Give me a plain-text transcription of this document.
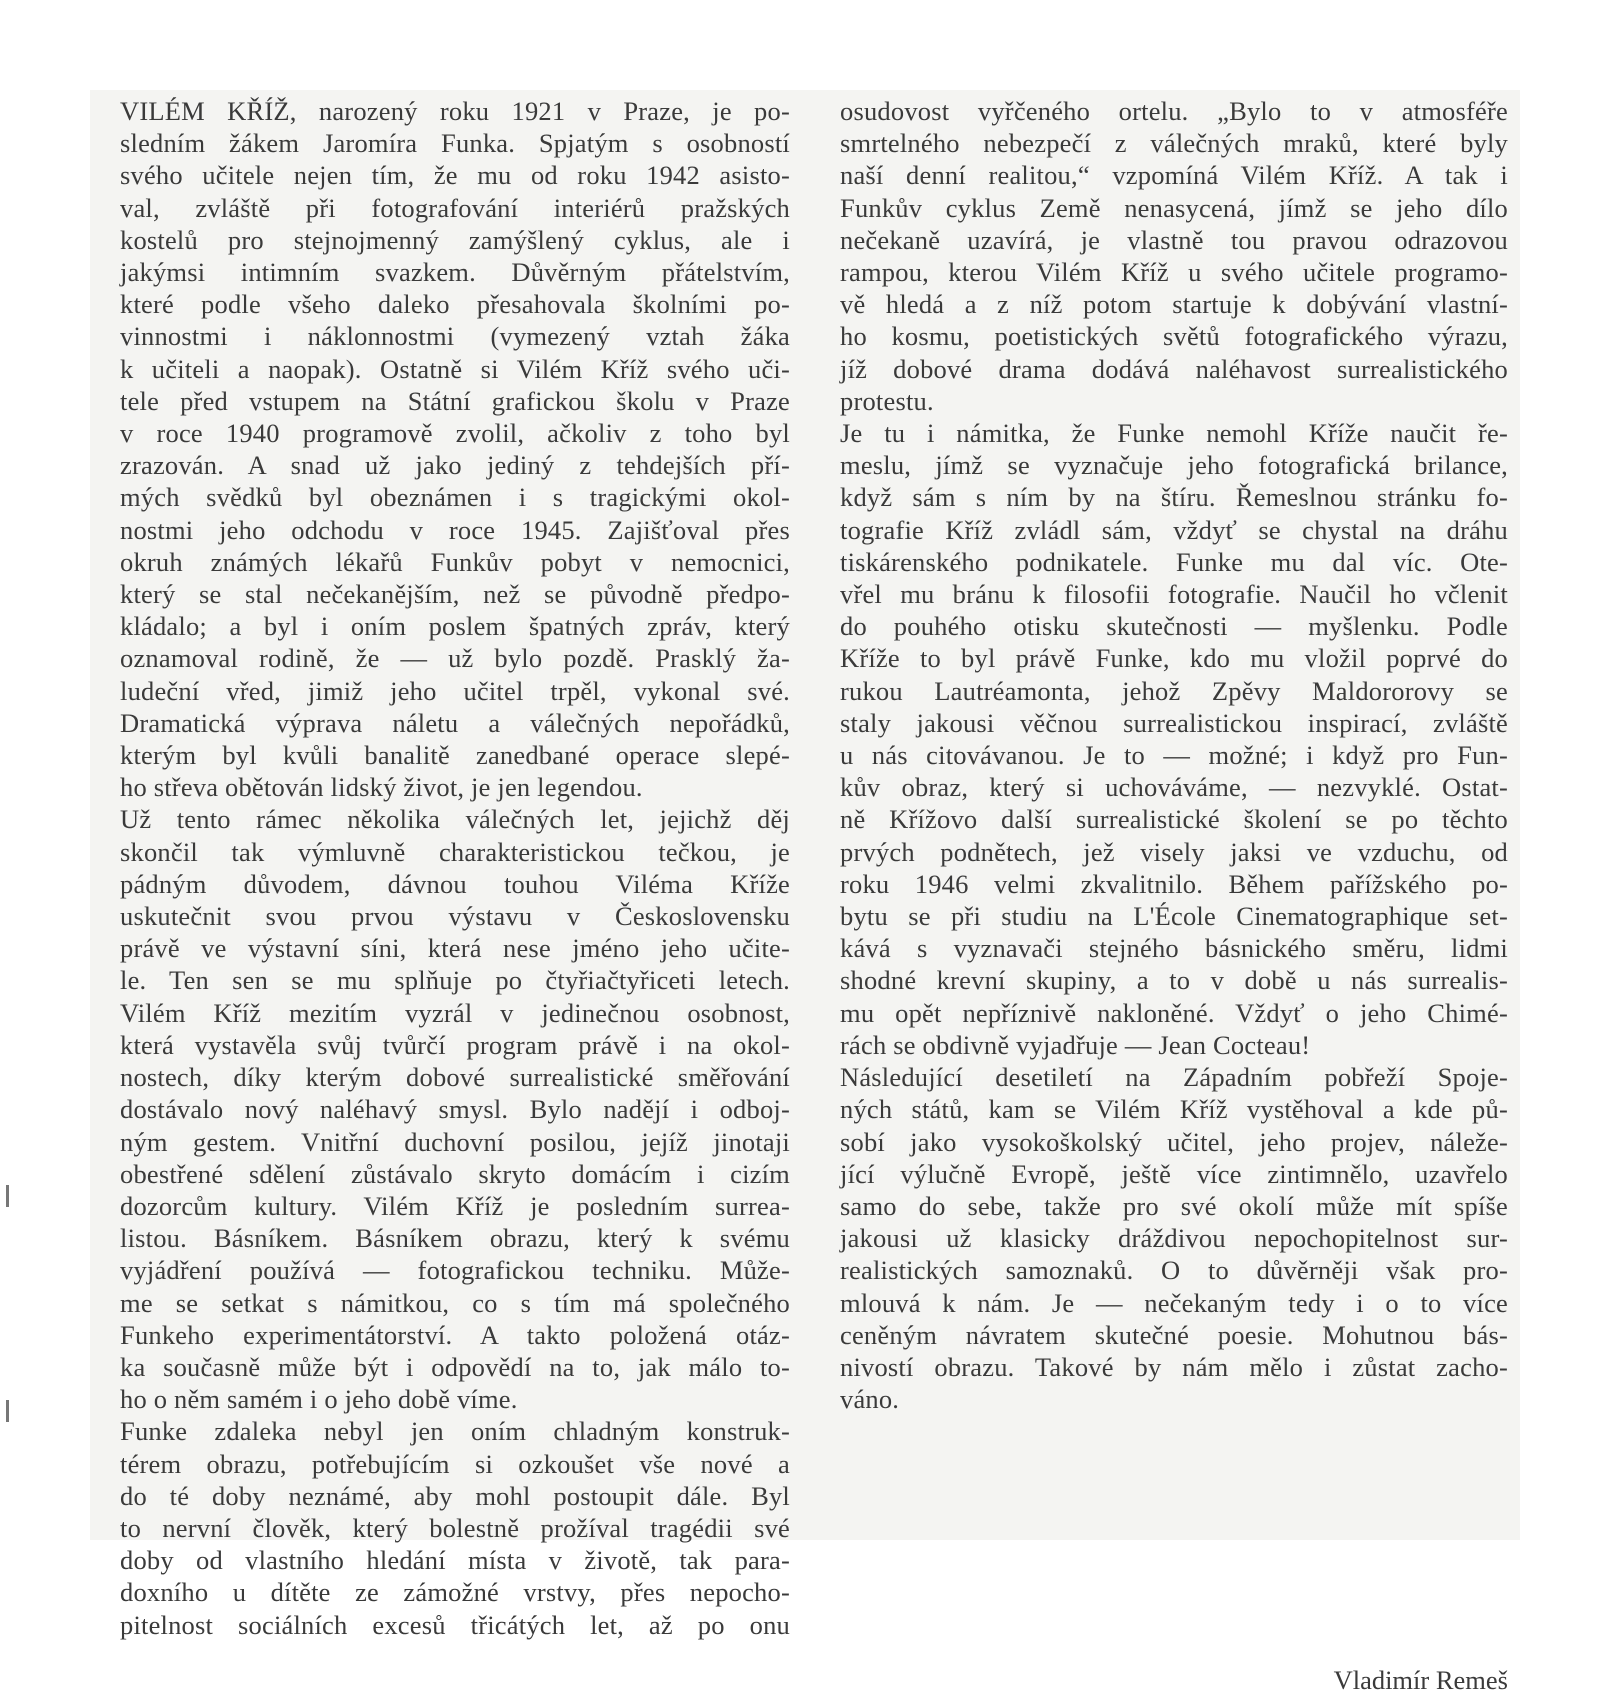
VILÉM KŘÍŽ, narozený roku 1921 v Praze, je po-
sledním žákem Jaromíra Funka. Spjatým s osobností
svého učitele nejen tím, že mu od roku 1942 asisto-
val, zvláště při fotografování interiérů pražských
kostelů pro stejnojmenný zamýšlený cyklus, ale i
jakýmsi intimním svazkem. Důvěrným přátelstvím,
které podle všeho daleko přesahovala školními po-
vinnostmi i náklonnostmi (vymezený vztah žáka
k učiteli a naopak). Ostatně si Vilém Kříž svého uči-
tele před vstupem na Státní grafickou školu v Praze
v roce 1940 programově zvolil, ačkoliv z toho byl
zrazován. A snad už jako jediný z tehdejších pří-
mých svědků byl obeznámen i s tragickými okol-
nostmi jeho odchodu v roce 1945. Zajišťoval přes
okruh známých lékařů Funkův pobyt v nemocnici,
který se stal nečekanějším, než se původně předpo-
kládalo; a byl i oním poslem špatných zpráv, který
oznamoval rodině, že — už bylo pozdě. Prasklý ža-
ludeční vřed, jimiž jeho učitel trpěl, vykonal své.
Dramatická výprava náletu a válečných nepořádků,
kterým byl kvůli banalitě zanedbané operace slepé-
ho střeva obětován lidský život, je jen legendou.
Už tento rámec několika válečných let, jejichž děj
skončil tak výmluvně charakteristickou tečkou, je
pádným důvodem, dávnou touhou Viléma Kříže
uskutečnit svou prvou výstavu v Československu
právě ve výstavní síni, která nese jméno jeho učite-
le. Ten sen se mu splňuje po čtyřiačtyřiceti letech.
Vilém Kříž mezitím vyzrál v jedinečnou osobnost,
která vystavěla svůj tvůrčí program právě i na okol-
nostech, díky kterým dobové surrealistické směřování
dostávalo nový naléhavý smysl. Bylo nadějí i odboj-
ným gestem. Vnitřní duchovní posilou, jejíž jinotaji
obestřené sdělení zůstávalo skryto domácím i cizím
dozorcům kultury. Vilém Kříž je posledním surrea-
listou. Básníkem. Básníkem obrazu, který k svému
vyjádření používá — fotografickou techniku. Může-
me se setkat s námitkou, co s tím má společného
Funkeho experimentátorství. A takto položená otáz-
ka současně může být i odpovědí na to, jak málo to-
ho o něm samém i o jeho době víme.
Funke zdaleka nebyl jen oním chladným konstruk-
térem obrazu, potřebujícím si ozkoušet vše nové a
do té doby neznámé, aby mohl postoupit dále. Byl
to nervní člověk, který bolestně prožíval tragédii své
doby od vlastního hledání místa v životě, tak para-
doxního u dítěte ze zámožné vrstvy, přes nepocho-
pitelnost sociálních excesů třicátých let, až po onu
osudovost vyřčeného ortelu. „Bylo to v atmosféře
smrtelného nebezpečí z válečných mraků, které byly
naší denní realitou,“ vzpomíná Vilém Kříž. A tak i
Funkův cyklus Země nenasycená, jímž se jeho dílo
nečekaně uzavírá, je vlastně tou pravou odrazovou
rampou, kterou Vilém Kříž u svého učitele programo-
vě hledá a z níž potom startuje k dobývání vlastní-
ho kosmu, poetistických světů fotografického výrazu,
jíž dobové drama dodává naléhavost surrealistického
protestu.
Je tu i námitka, že Funke nemohl Kříže naučit ře-
meslu, jímž se vyznačuje jeho fotografická brilance,
když sám s ním by na štíru. Řemeslnou stránku fo-
tografie Kříž zvládl sám, vždyť se chystal na dráhu
tiskárenského podnikatele. Funke mu dal víc. Ote-
vřel mu bránu k filosofii fotografie. Naučil ho včlenit
do pouhého otisku skutečnosti — myšlenku. Podle
Kříže to byl právě Funke, kdo mu vložil poprvé do
rukou Lautréamonta, jehož Zpěvy Maldororovy se
staly jakousi věčnou surrealistickou inspirací, zvláště
u nás citovávanou. Je to — možné; i když pro Fun-
kův obraz, který si uchováváme, — nezvyklé. Ostat-
ně Křížovo další surrealistické školení se po těchto
prvých podnětech, jež visely jaksi ve vzduchu, od
roku 1946 velmi zkvalitnilo. Během pařížského po-
bytu se při studiu na L'École Cinematographique set-
kává s vyznavači stejného básnického směru, lidmi
shodné krevní skupiny, a to v době u nás surrealis-
mu opět nepříznivě nakloněné. Vždyť o jeho Chimé-
rách se obdivně vyjadřuje — Jean Cocteau!
Následující desetiletí na Západním pobřeží Spoje-
ných států, kam se Vilém Kříž vystěhoval a kde pů-
sobí jako vysokoškolský učitel, jeho projev, náleže-
jící výlučně Evropě, ještě více zintimnělo, uzavřelo
samo do sebe, takže pro své okolí může mít spíše
jakousi už klasicky dráždivou nepochopitelnost sur-
realistických samoznaků. O to důvěrněji však pro-
mlouvá k nám. Je — nečekaným tedy i o to více
ceněným návratem skutečné poesie. Mohutnou bás-
nivostí obrazu. Takové by nám mělo i zůstat zacho-
váno.
Vladimír Remeš
